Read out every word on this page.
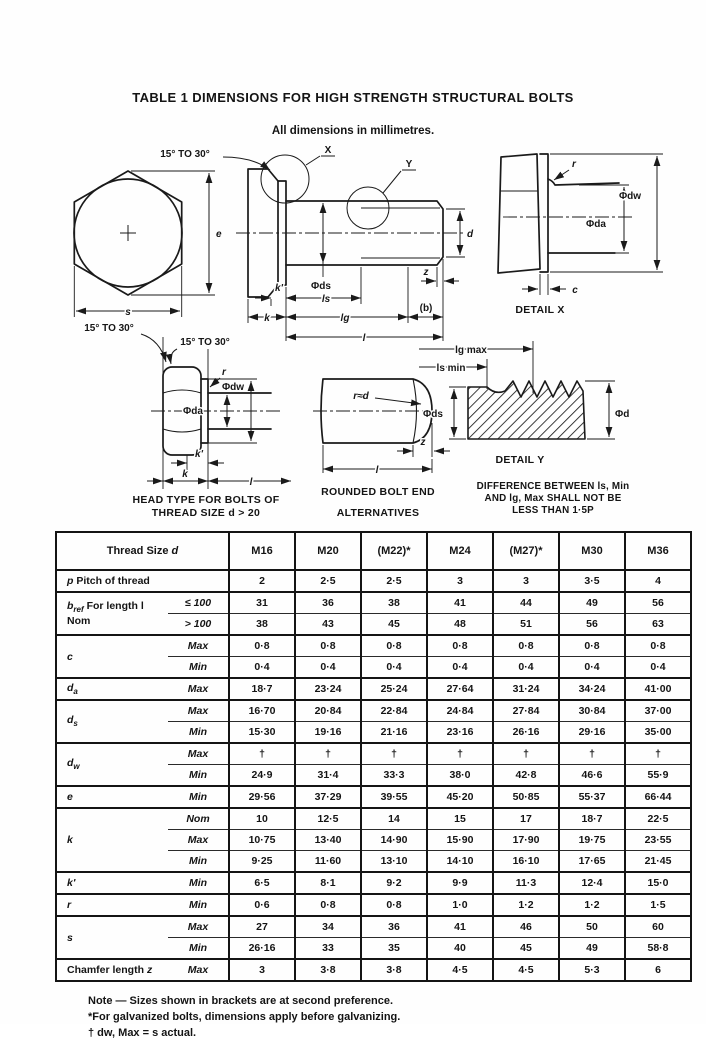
TABLE 1 DIMENSIONS FOR HIGH STRENGTH STRUCTURAL BOLTS
All dimensions in millimetres.
e
s
X
Y
15° TO 30°
Φds
k'
ls
k	lg
(b)
l
z
d
r
Φda
Φdw
c
DETAIL X
15° TO 30°
15° TO 30°
r
Φdw
Φda
k'
k
l
HEAD TYPE FOR BOLTS OF
THREAD SIZE d > 20
r≈d
z
l
ROUNDED BOLT END
ALTERNATIVES
lg max
ls min
Φds	Φd
DETAIL Y
DIFFERENCE BETWEEN ls, Min
AND lg, Max SHALL NOT BE
LESS THAN 1·5P
Thread Size d		M16	M20	(M22)*	M24	(M27)*	M30	M36
p Pitch of thread		2	2·5	2·5	3	3	3·5	4
$b_{ref}$ For length l Nom	≤ 100	31	36	38	41	44	49	56
	> 100	38	43	45	48	51	56	63
c	Max	0·8	0·8	0·8	0·8	0·8	0·8	0·8
	Min	0·4	0·4	0·4	0·4	0·4	0·4	0·4
$d_a$	Max	18·7	23·24	25·24	27·64	31·24	34·24	41·00
$d_s$	Max	16·70	20·84	22·84	24·84	27·84	30·84	37·00
	Min	15·30	19·16	21·16	23·16	26·16	29·16	35·00
$d_w$	Max	†	†	†	†	†	†	†
	Min	24·9	31·4	33·3	38·0	42·8	46·6	55·9
e	Min	29·56	37·29	39·55	45·20	50·85	55·37	66·44
k	Nom	10	12·5	14	15	17	18·7	22·5
	Max	10·75	13·40	14·90	15·90	17·90	19·75	23·55
	Min	9·25	11·60	13·10	14·10	16·10	17·65	21·45
k'	Min	6·5	8·1	9·2	9·9	11·3	12·4	15·0
r	Min	0·6	0·8	0·8	1·0	1·2	1·2	1·5
s	Max	27	34	36	41	46	50	60
	Min	26·16	33	35	40	45	49	58·8
Chamfer length z	Max	3	3·8	3·8	4·5	4·5	5·3	6
Note — Sizes shown in brackets are at second preference.
*For galvanized bolts, dimensions apply before galvanizing.
† dw, Max = s actual.
